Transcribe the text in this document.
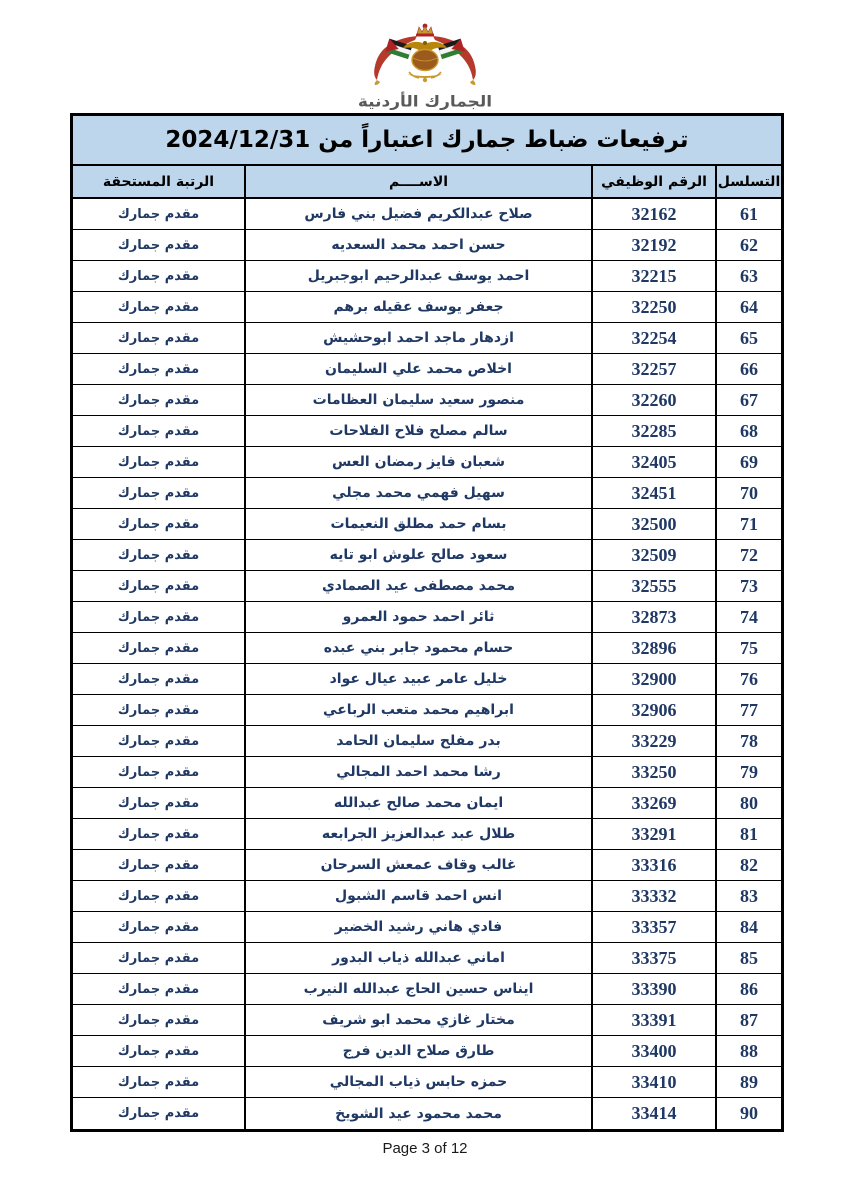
الجمارك الأردنية
ترفيعات ضباط جمارك اعتباراً من 2024/12/31
التسلسل
الرقم الوظيفي
الاســــم
الرتبة المستحقة
61
32162
صلاح عبدالكريم فضيل بني فارس
مقدم جمارك
62
32192
حسن احمد محمد السعديه
مقدم جمارك
63
32215
احمد يوسف عبدالرحيم ابوجبريل
مقدم جمارك
64
32250
جعفر يوسف عقيله برهم
مقدم جمارك
65
32254
ازدهار ماجد احمد ابوحشيش
مقدم جمارك
66
32257
اخلاص محمد علي السليمان
مقدم جمارك
67
32260
منصور سعيد سليمان العظامات
مقدم جمارك
68
32285
سالم مصلح فلاح الفلاحات
مقدم جمارك
69
32405
شعبان فايز رمضان العس
مقدم جمارك
70
32451
سهيل فهمي محمد مجلي
مقدم جمارك
71
32500
بسام حمد مطلق النعيمات
مقدم جمارك
72
32509
سعود صالح علوش ابو تايه
مقدم جمارك
73
32555
محمد مصطفى عيد الصمادي
مقدم جمارك
74
32873
ثائر احمد حمود العمرو
مقدم جمارك
75
32896
حسام محمود جابر بني عبده
مقدم جمارك
76
32900
خليل عامر عبيد عيال عواد
مقدم جمارك
77
32906
ابراهيم محمد متعب الرباعي
مقدم جمارك
78
33229
بدر مفلح سليمان الحامد
مقدم جمارك
79
33250
رشا محمد احمد المجالي
مقدم جمارك
80
33269
ايمان محمد صالح عبدالله
مقدم جمارك
81
33291
طلال عبد عبدالعزيز الجرابعه
مقدم جمارك
82
33316
غالب وقاف عمعش السرحان
مقدم جمارك
83
33332
انس احمد قاسم الشبول
مقدم جمارك
84
33357
فادي هاني رشيد الخضير
مقدم جمارك
85
33375
اماني عبدالله ذياب البدور
مقدم جمارك
86
33390
ايناس حسين الحاج عبدالله النيرب
مقدم جمارك
87
33391
مختار غازي محمد ابو شريف
مقدم جمارك
88
33400
طارق صلاح الدين فرج
مقدم جمارك
89
33410
حمزه حابس ذياب المجالي
مقدم جمارك
90
33414
محمد محمود عيد الشويخ
مقدم جمارك
Page 3 of 12
